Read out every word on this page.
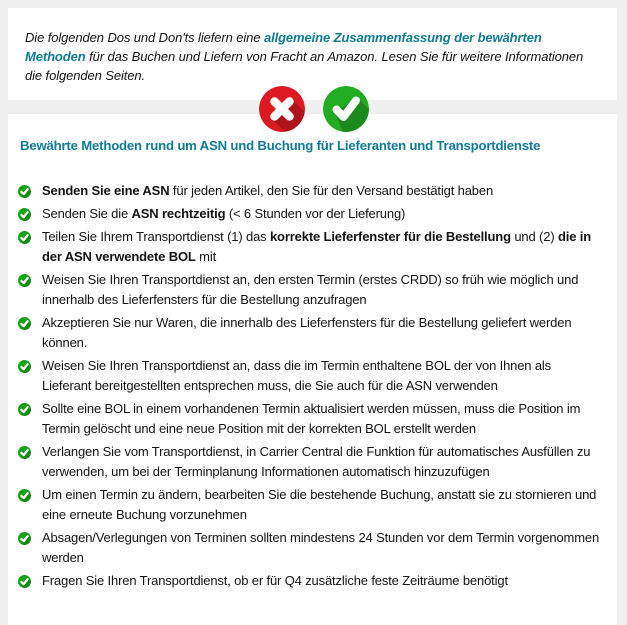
Die folgenden Dos und Don'ts liefern eine allgemeine Zusammenfassung der bewährten Methoden für das Buchen und Liefern von Fracht an Amazon. Lesen Sie für weitere Informationen die folgenden Seiten.

Bewährte Methoden rund um ASN und Buchung für Lieferanten und Transportdienste
Senden Sie eine ASN für jeden Artikel, den Sie für den Versand bestätigt haben
Senden Sie die ASN rechtzeitig (< 6 Stunden vor der Lieferung)
Teilen Sie Ihrem Transportdienst (1) das korrekte Lieferfenster für die Bestellung und (2) die in der ASN verwendete BOL mit
Weisen Sie Ihren Transportdienst an, den ersten Termin (erstes CRDD) so früh wie möglich und innerhalb des Lieferfensters für die Bestellung anzufragen
Akzeptieren Sie nur Waren, die innerhalb des Lieferfensters für die Bestellung geliefert werden können.
Weisen Sie Ihren Transportdienst an, dass die im Termin enthaltene BOL der von Ihnen als Lieferant bereitgestellten entsprechen muss, die Sie auch für die ASN verwenden
Sollte eine BOL in einem vorhandenen Termin aktualisiert werden müssen, muss die Position im Termin gelöscht und eine neue Position mit der korrekten BOL erstellt werden
Verlangen Sie vom Transportdienst, in Carrier Central die Funktion für automatisches Ausfüllen zu verwenden, um bei der Terminplanung Informationen automatisch hinzuzufügen
Um einen Termin zu ändern, bearbeiten Sie die bestehende Buchung, anstatt sie zu stornieren und eine erneute Buchung vorzunehmen
Absagen/Verlegungen von Terminen sollten mindestens 24 Stunden vor dem Termin vorgenommen werden
Fragen Sie Ihren Transportdienst, ob er für Q4 zusätzliche feste Zeiträume benötigt
